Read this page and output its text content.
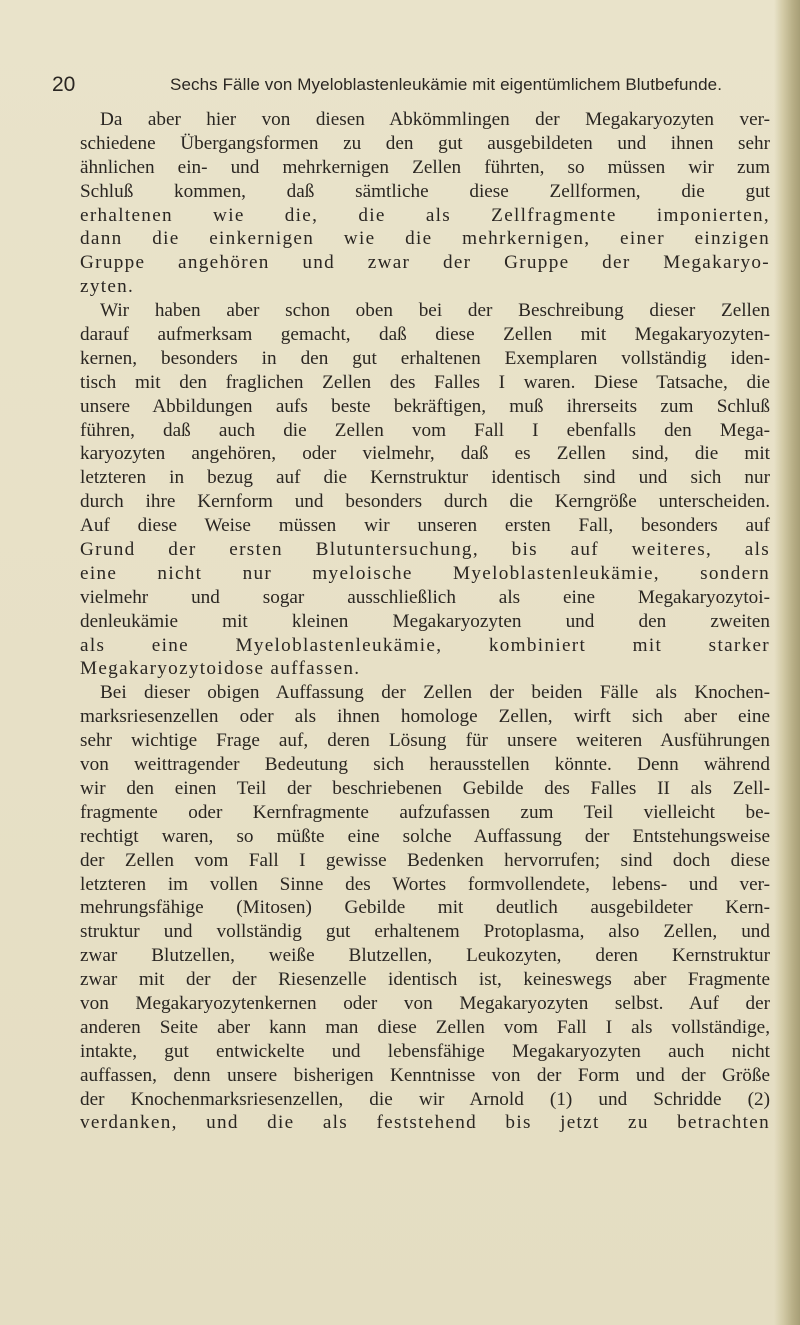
20	Sechs Fälle von Myeloblastenleukämie mit eigentümlichem Blutbefunde.
Da aber hier von diesen Abkömmlingen der Megakaryozyten ver-
schiedene Übergangsformen zu den gut ausgebildeten und ihnen sehr
ähnlichen ein- und mehrkernigen Zellen führten, so müssen wir zum
Schluß kommen, daß sämtliche diese Zellformen, die gut
erhaltenen wie die, die als Zellfragmente imponierten,
dann die einkernigen wie die mehrkernigen, einer einzigen
Gruppe angehören und zwar der Gruppe der Megakaryo-
zyten.
Wir haben aber schon oben bei der Beschreibung dieser Zellen
darauf aufmerksam gemacht, daß diese Zellen mit Megakaryozyten-
kernen, besonders in den gut erhaltenen Exemplaren vollständig iden-
tisch mit den fraglichen Zellen des Falles I waren. Diese Tatsache, die
unsere Abbildungen aufs beste bekräftigen, muß ihrerseits zum Schluß
führen, daß auch die Zellen vom Fall I ebenfalls den Mega-
karyozyten angehören, oder vielmehr, daß es Zellen sind, die mit
letzteren in bezug auf die Kernstruktur identisch sind und sich nur
durch ihre Kernform und besonders durch die Kerngröße unterscheiden.
Auf diese Weise müssen wir unseren ersten Fall, besonders auf
Grund der ersten Blutuntersuchung, bis auf weiteres, als
eine nicht nur myeloische Myeloblastenleukämie, sondern
vielmehr und sogar ausschließlich als eine Megakaryozytoi-
denleukämie mit kleinen Megakaryozyten und den zweiten
als eine Myeloblastenleukämie, kombiniert mit starker
Megakaryozytoidose auffassen.
Bei dieser obigen Auffassung der Zellen der beiden Fälle als Knochen-
marksriesenzellen oder als ihnen homologe Zellen, wirft sich aber eine
sehr wichtige Frage auf, deren Lösung für unsere weiteren Ausführungen
von weittragender Bedeutung sich herausstellen könnte. Denn während
wir den einen Teil der beschriebenen Gebilde des Falles II als Zell-
fragmente oder Kernfragmente aufzufassen zum Teil vielleicht be-
rechtigt waren, so müßte eine solche Auffassung der Entstehungsweise
der Zellen vom Fall I gewisse Bedenken hervorrufen; sind doch diese
letzteren im vollen Sinne des Wortes formvollendete, lebens- und ver-
mehrungsfähige (Mitosen) Gebilde mit deutlich ausgebildeter Kern-
struktur und vollständig gut erhaltenem Protoplasma, also Zellen, und
zwar Blutzellen, weiße Blutzellen, Leukozyten, deren Kernstruktur
zwar mit der der Riesenzelle identisch ist, keineswegs aber Fragmente
von Megakaryozytenkernen oder von Megakaryozyten selbst. Auf der
anderen Seite aber kann man diese Zellen vom Fall I als vollständige,
intakte, gut entwickelte und lebensfähige Megakaryozyten auch nicht
auffassen, denn unsere bisherigen Kenntnisse von der Form und der Größe
der Knochenmarksriesenzellen, die wir Arnold (1) und Schridde (2)
verdanken, und die als feststehend bis jetzt zu betrachten
